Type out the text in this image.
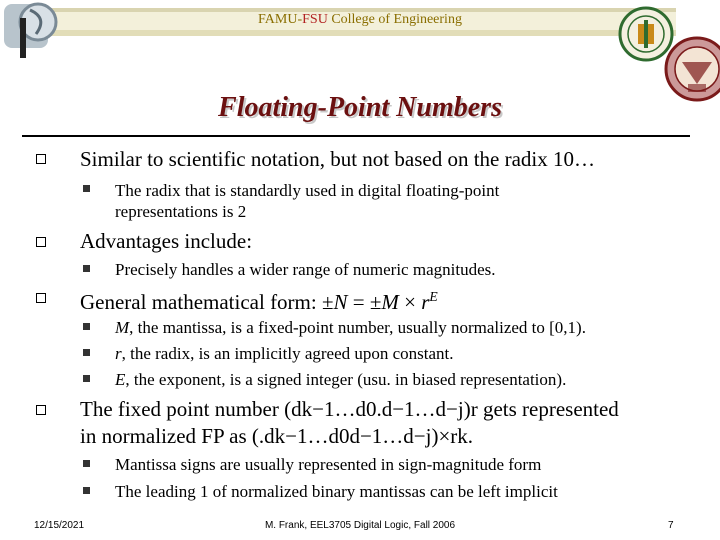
FAMU-FSU College of Engineering
Floating-Point Numbers
Similar to scientific notation, but not based on the radix 10…
The radix that is standardly used in digital floating-point
representations is 2
Advantages include:
Precisely handles a wider range of numeric magnitudes.
General mathematical form: $\pm N = \pm M \times r^E$
M, the mantissa, is a fixed-point number, usually normalized to [0,1).
r, the radix, is an implicitly agreed upon constant.
E, the exponent, is a signed integer (usu. in biased representation).
The fixed point number (dk−1…d0.d−1…d−j)r gets represented
in normalized FP as (.dk−1…d0d−1…d−j)×rk.
Mantissa signs are usually represented in sign-magnitude form
The leading 1 of normalized binary mantissas can be left implicit
12/15/2021	M. Frank, EEL3705 Digital Logic, Fall 2006	7
